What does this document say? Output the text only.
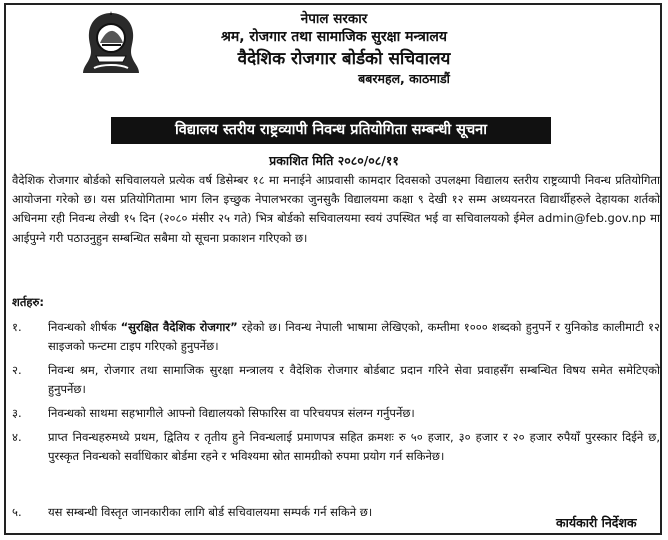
नेपाल सरकार
श्रम, रोजगार तथा सामाजिक सुरक्षा मन्त्रालय
वैदेशिक रोजगार बोर्डको सचिवालय
बबरमहल, काठमाडौं
विद्यालय स्तरीय राष्ट्रव्यापी निवन्ध प्रतियोगिता सम्बन्धी सूचना
प्रकाशित मिति २०८०/०८/११

वैदेशिक रोजगार बोर्डको सचिवालयले प्रत्येक वर्ष डिसेम्बर १८ मा मनाईने आप्रवासी कामदार दिवसको उपलक्ष्मा विद्यालय स्तरीय राष्ट्रव्यापी निवन्ध प्रतियोगिता आयोजना गरेको छ। यस प्रतियोगितामा भाग लिन इच्छुक नेपालभरका जुनसुकै विद्यालयमा कक्षा ९ देखी १२ सम्म अध्ययनरत विद्यार्थीहरुले देहायका शर्तको अधिनमा रही निवन्ध लेखी १५ दिन (२०८० मंसीर २५ गते) भित्र बोर्डको सचिवालयमा स्वयं उपस्थित भई वा सचिवालयको ईमेल admin@feb.gov.np मा आईपुग्ने गरी पठाउनुहुन सम्बन्धित सबैमा यो सूचना प्रकाशन गरिएको छ।

शर्तहरु:
१. निवन्धको शीर्षक “सुरक्षित वैदेशिक रोजगार” रहेको छ। निवन्ध नेपाली भाषामा लेखिएको, कम्तीमा १००० शब्दको हुनुपर्ने र युनिकोड कालीमाटी १२ साइजको फन्टमा टाइप गरिएको हुनुपर्नेछ।
२. निवन्ध श्रम, रोजगार तथा सामाजिक सुरक्षा मन्त्रालय र वैदेशिक रोजगार बोर्डबाट प्रदान गरिने सेवा प्रवाहसँग सम्बन्धित विषय समेत समेटिएको हुनुपर्नेछ।
३. निवन्धको साथमा सहभागीले आफ्नो विद्यालयको सिफारिस वा परिचयपत्र संलग्न गर्नुपर्नेछ।
४. प्राप्त निवन्धहरुमध्ये प्रथम, द्वितिय र तृतीय हुने निवन्धलाई प्रमाणपत्र सहित क्रमशः रु ५० हजार, ३० हजार र २० हजार रुपैयाँ पुरस्कार दिईने छ, पुरस्कृत निवन्धको सर्वाधिकार बोर्डमा रहने र भविश्यमा स्रोत सामग्रीको रुपमा प्रयोग गर्न सकिनेछ।
५. यस सम्बन्धी विस्तृत जानकारीका लागि बोर्ड सचिवालयमा सम्पर्क गर्न सकिने छ।
कार्यकारी निर्देशक
